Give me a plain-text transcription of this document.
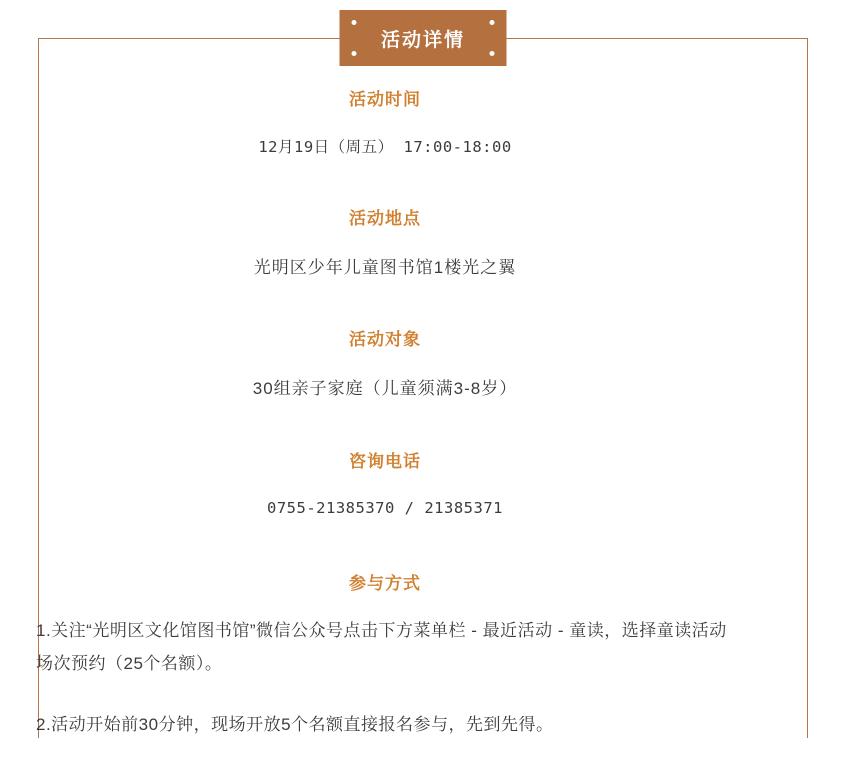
活动详情
活动时间
12月19日（周五） 17:00-18:00
活动地点
光明区少年儿童图书馆1楼光之翼
活动对象
30组亲子家庭（儿童须满3-8岁）
咨询电话
0755-21385370 / 21385371
参与方式

1.关注“光明区文化馆图书馆”微信公众号点击下方菜单栏 - 最近活动 - 童读，选择童读活动场次预约（25个名额）。

2.活动开始前30分钟，现场开放5个名额直接报名参与，先到先得。
